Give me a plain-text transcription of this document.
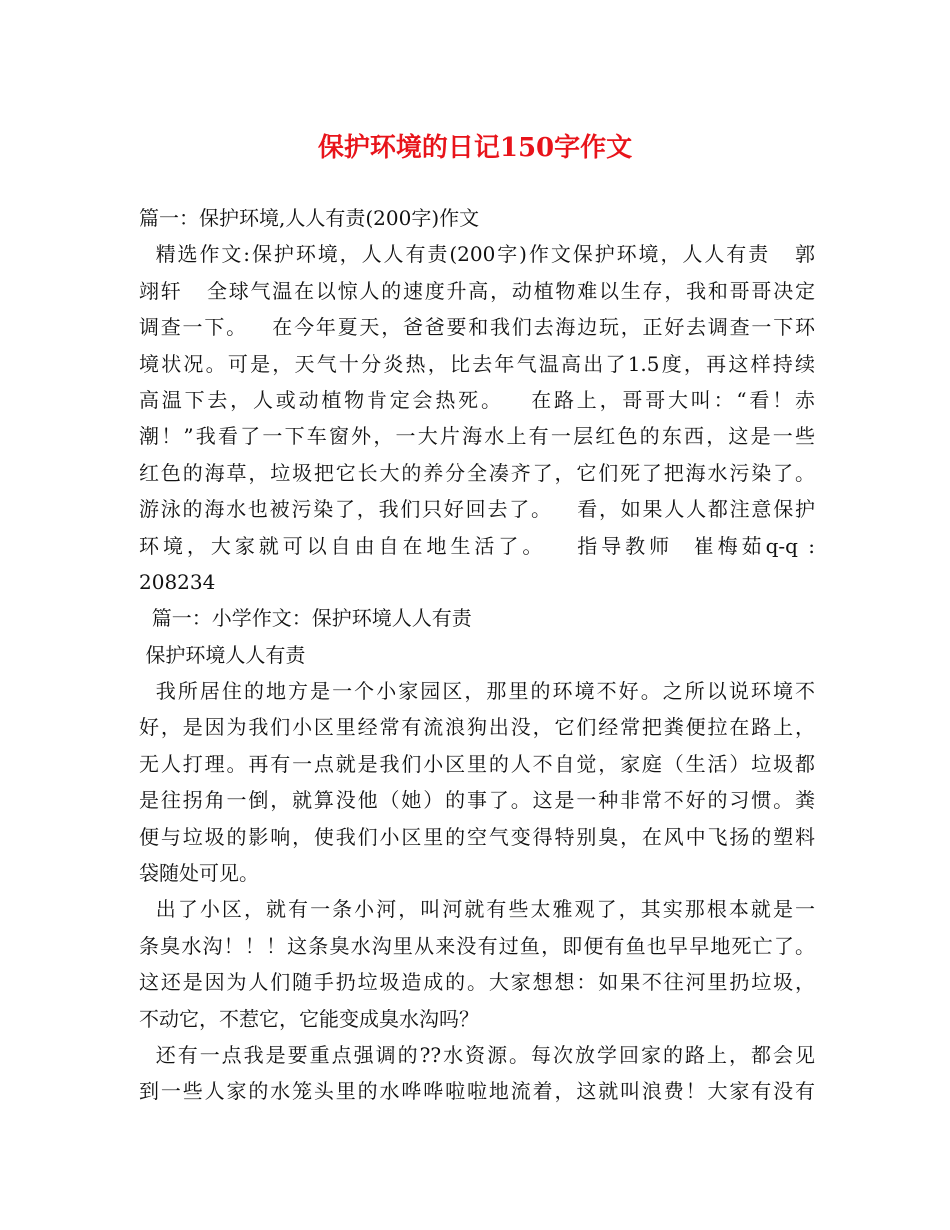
保护环境的日记150字作文
篇一：保护环境,人人有责(200字)作文
精选作文:保护环境，人人有责(200字)作文保护环境，人人有责   郭
翊轩   全球气温在以惊人的速度升高，动植物难以生存，我和哥哥决定
调查一下。   在今年夏天，爸爸要和我们去海边玩，正好去调查一下环
境状况。可是，天气十分炎热，比去年气温高出了1.5度，再这样持续
高温下去，人或动植物肯定会热死。   在路上，哥哥大叫：“看！赤
潮！”我看了一下车窗外，一大片海水上有一层红色的东西，这是一些
红色的海草，垃圾把它长大的养分全凑齐了，它们死了把海水污染了。
游泳的海水也被污染了，我们只好回去了。   看，如果人人都注意保护
环境，大家就可以自由自在地生活了。   指导教师  崔梅茹q-q :
208234
篇一：小学作文：保护环境人人有责
保护环境人人有责
我所居住的地方是一个小家园区，那里的环境不好。之所以说环境不
好，是因为我们小区里经常有流浪狗出没，它们经常把粪便拉在路上，
无人打理。再有一点就是我们小区里的人不自觉，家庭（生活）垃圾都
是往拐角一倒，就算没他（她）的事了。这是一种非常不好的习惯。粪
便与垃圾的影响，使我们小区里的空气变得特别臭，在风中飞扬的塑料
袋随处可见。
出了小区，就有一条小河，叫河就有些太雅观了，其实那根本就是一
条臭水沟！！！这条臭水沟里从来没有过鱼，即便有鱼也早早地死亡了。
这还是因为人们随手扔垃圾造成的。大家想想：如果不往河里扔垃圾，
不动它，不惹它，它能变成臭水沟吗？
还有一点我是要重点强调的??水资源。每次放学回家的路上，都会见
到一些人家的水笼头里的水哗哗啦啦地流着，这就叫浪费！大家有没有
